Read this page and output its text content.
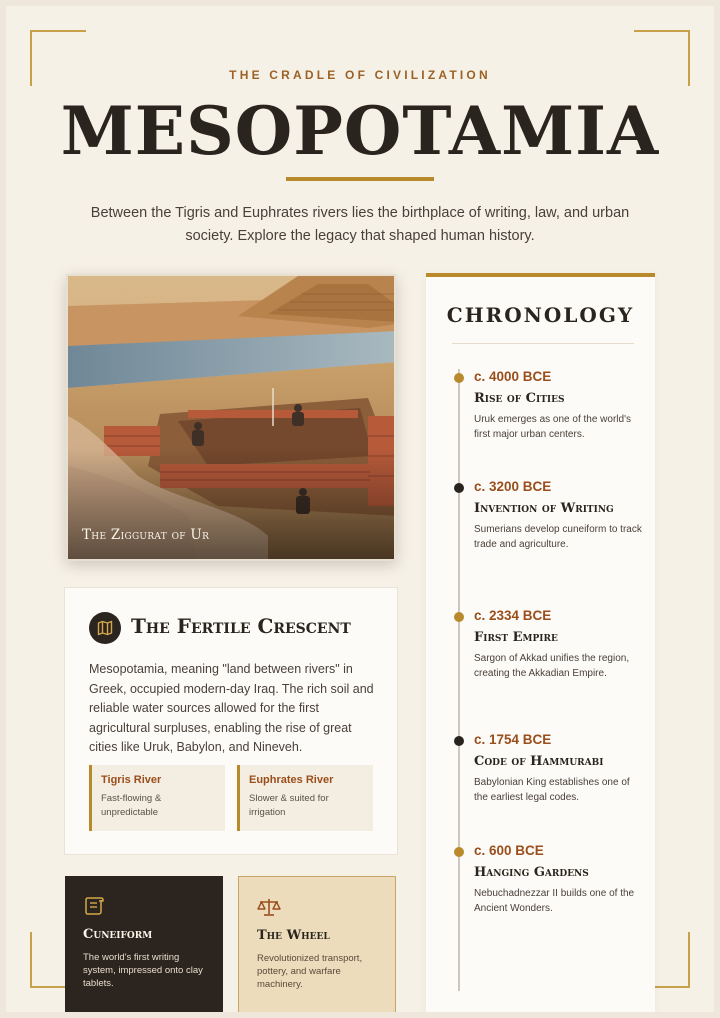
THE CRADLE OF CIVILIZATION
MESOPOTAMIA
Between the Tigris and Euphrates rivers lies the birthplace of writing, law, and urban society. Explore the legacy that shaped human history.
The Ziggurat of Ur
The Fertile Crescent
Mesopotamia, meaning "land between rivers" in Greek, occupied modern-day Iraq. The rich soil and reliable water sources allowed for the first agricultural surpluses, enabling the rise of great cities like Uruk, Babylon, and Nineveh.
Tigris River
Fast-flowing & unpredictable
Euphrates River
Slower & suited for irrigation
Cuneiform
The world's first writing system, impressed onto clay tablets.
The Wheel
Revolutionized transport, pottery, and warfare machinery.
CHRONOLOGY
c. 4000 BCE
Rise of Cities
Uruk emerges as one of the world's first major urban centers.
c. 3200 BCE
Invention of Writing
Sumerians develop cuneiform to track trade and agriculture.
c. 2334 BCE
First Empire
Sargon of Akkad unifies the region, creating the Akkadian Empire.
c. 1754 BCE
Code of Hammurabi
Babylonian King establishes one of the earliest legal codes.
c. 600 BCE
Hanging Gardens
Nebuchadnezzar II builds one of the Ancient Wonders.
